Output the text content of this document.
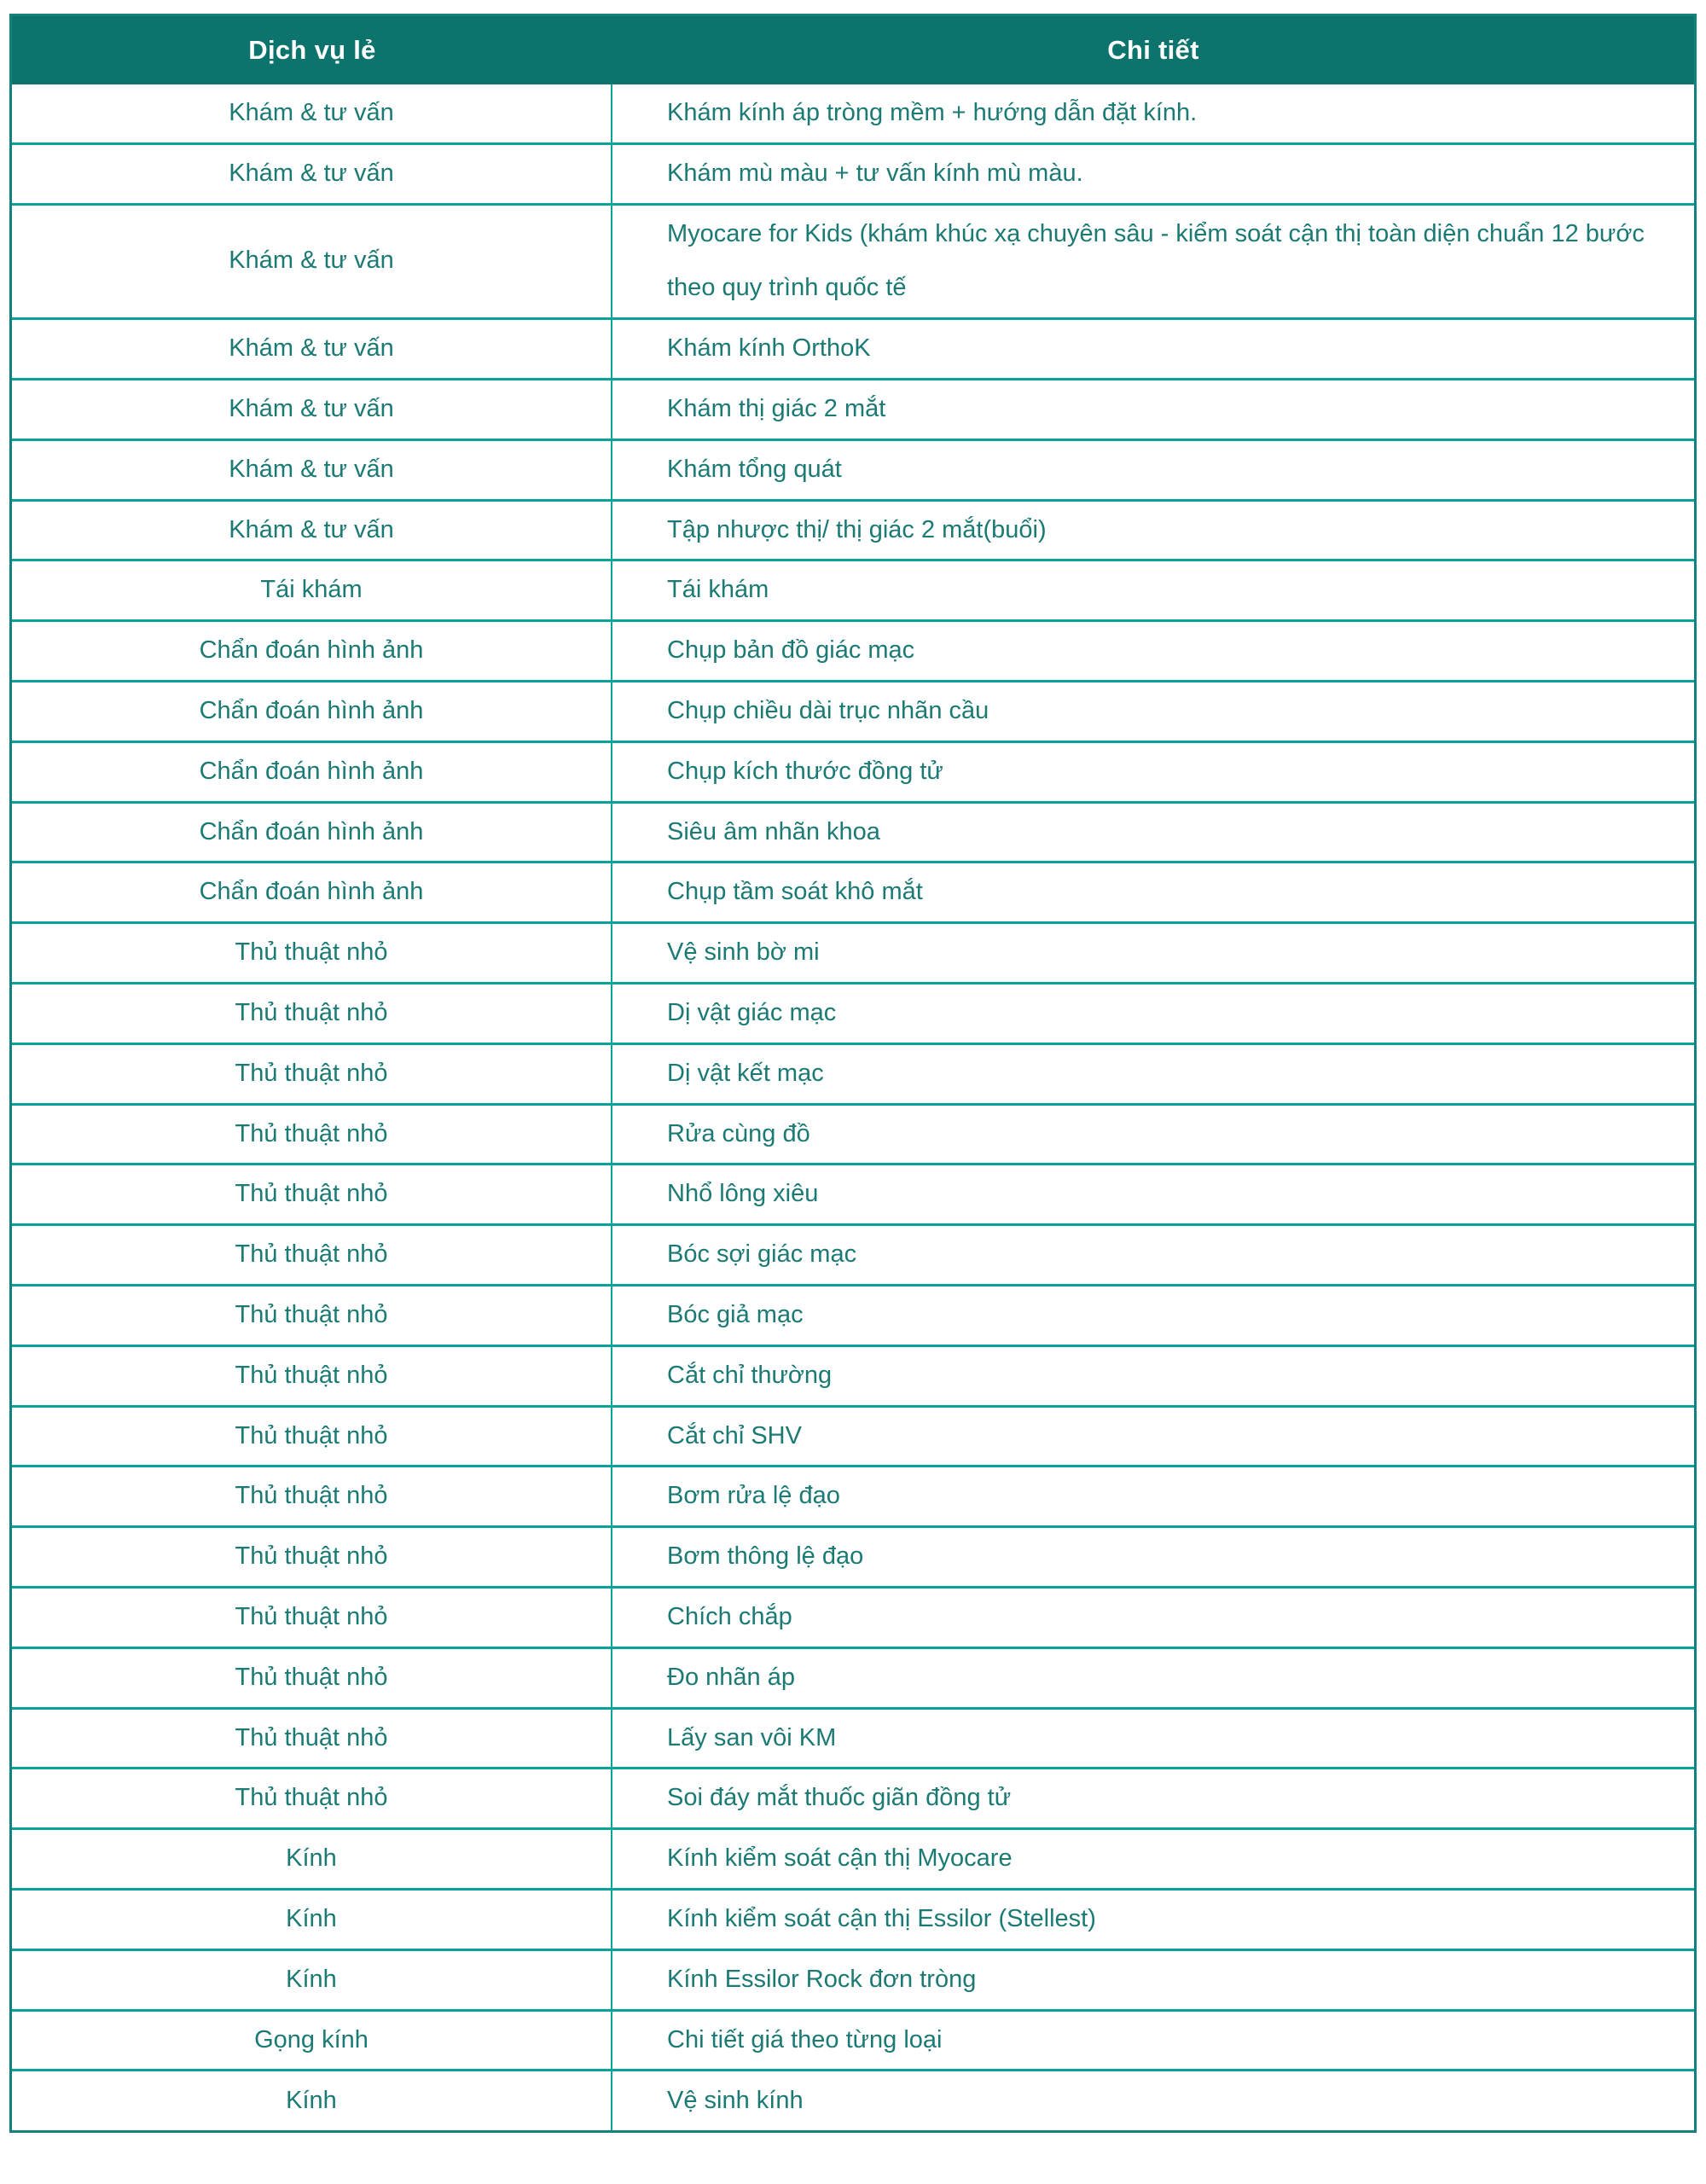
Dịch vụ lẻ	Chi tiết
Khám & tư vấn	Khám kính áp tròng mềm + hướng dẫn đặt kính.
Khám & tư vấn	Khám mù màu + tư vấn kính mù màu.
Khám & tư vấn	Myocare for Kids (khám khúc xạ chuyên sâu - kiểm soát cận thị toàn diện chuẩn 12 bước theo quy trình quốc tế
Khám & tư vấn	Khám kính OrthoK
Khám & tư vấn	Khám thị giác 2 mắt
Khám & tư vấn	Khám tổng quát
Khám & tư vấn	Tập nhược thị/ thị giác 2 mắt(buổi)
Tái khám	Tái khám
Chẩn đoán hình ảnh	Chụp bản đồ giác mạc
Chẩn đoán hình ảnh	Chụp chiều dài trục nhãn cầu
Chẩn đoán hình ảnh	Chụp kích thước đồng tử
Chẩn đoán hình ảnh	Siêu âm nhãn khoa
Chẩn đoán hình ảnh	Chụp tầm soát khô mắt
Thủ thuật nhỏ	Vệ sinh bờ mi
Thủ thuật nhỏ	Dị vật giác mạc
Thủ thuật nhỏ	Dị vật kết mạc
Thủ thuật nhỏ	Rửa cùng đồ
Thủ thuật nhỏ	Nhổ lông xiêu
Thủ thuật nhỏ	Bóc sợi giác mạc
Thủ thuật nhỏ	Bóc giả mạc
Thủ thuật nhỏ	Cắt chỉ thường
Thủ thuật nhỏ	Cắt chỉ SHV
Thủ thuật nhỏ	Bơm rửa lệ đạo
Thủ thuật nhỏ	Bơm thông lệ đạo
Thủ thuật nhỏ	Chích chắp
Thủ thuật nhỏ	Đo nhãn áp
Thủ thuật nhỏ	Lấy san vôi KM
Thủ thuật nhỏ	Soi đáy mắt thuốc giãn đồng tử
Kính	Kính kiểm soát cận thị Myocare
Kính	Kính kiểm soát cận thị Essilor (Stellest)
Kính	Kính Essilor Rock đơn tròng
Gọng kính	Chi tiết giá theo từng loại
Kính	Vệ sinh kính
